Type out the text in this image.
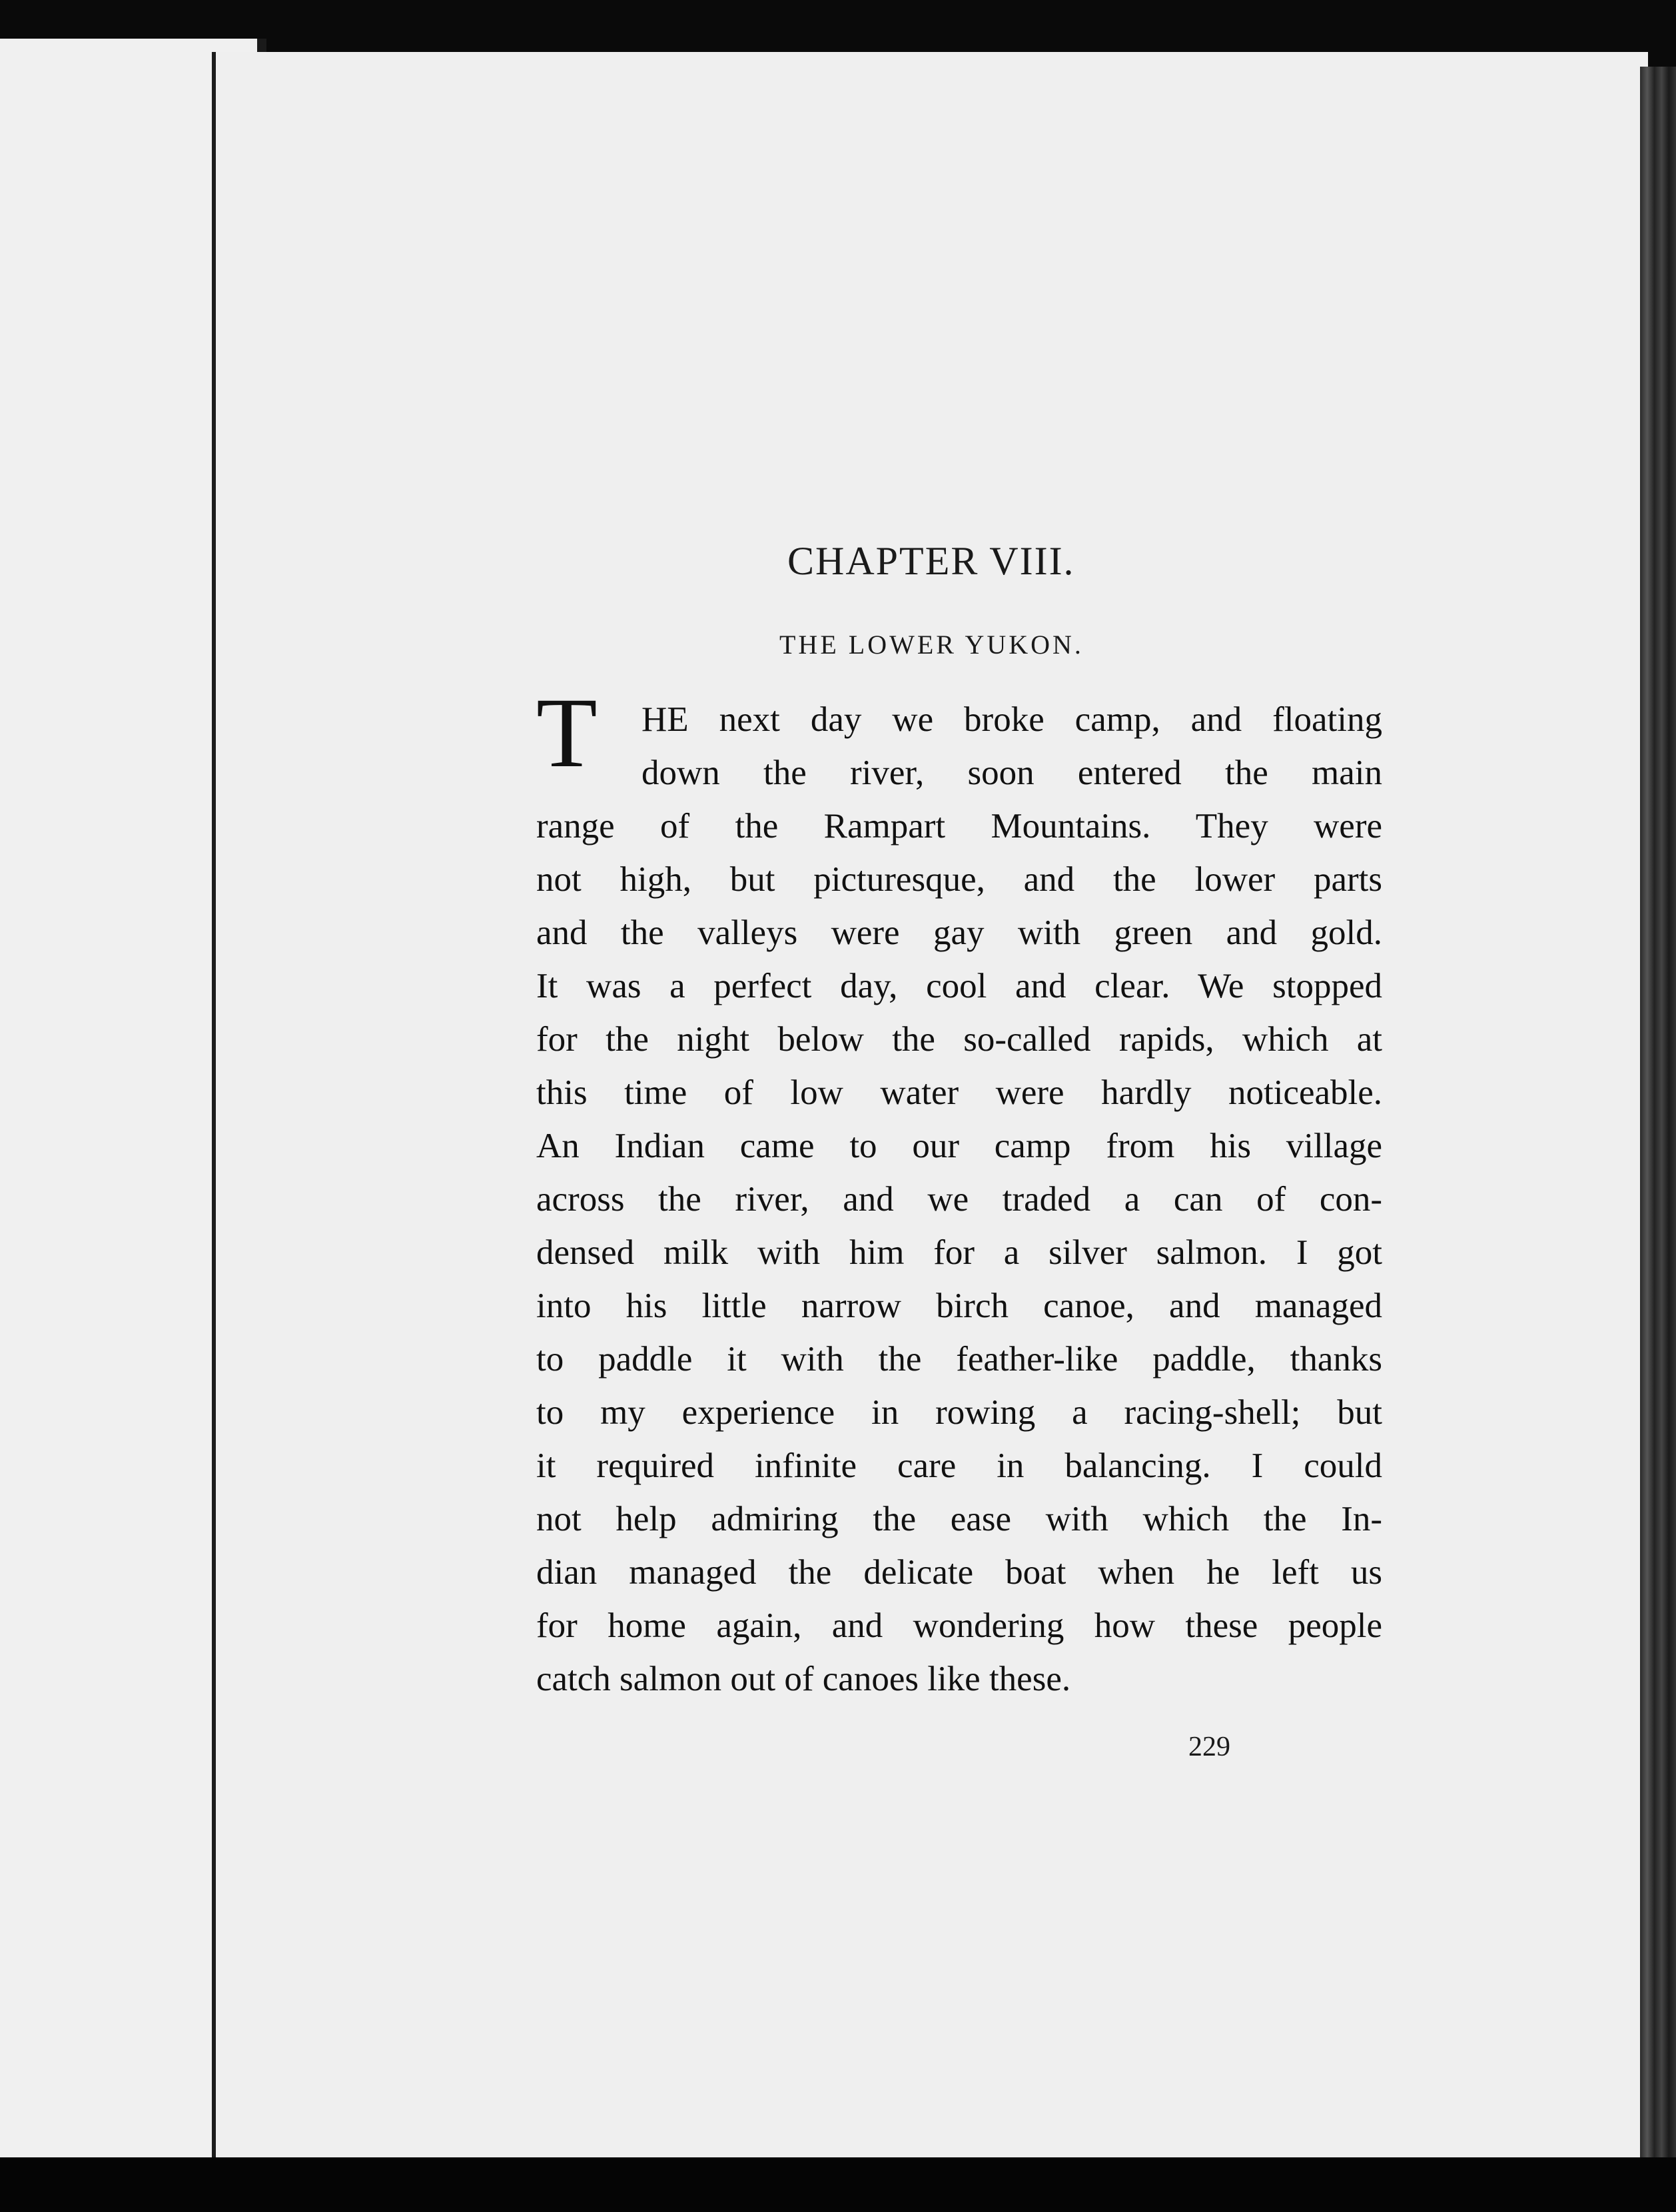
CHAPTER VIII.
THE LOWER YUKON.
T	HE next day we broke camp, and floating
down the river, soon entered the main
range of the Rampart Mountains. They were
not high, but picturesque, and the lower parts
and the valleys were gay with green and gold.
It was a perfect day, cool and clear. We stopped
for the night below the so-called rapids, which at
this time of low water were hardly noticeable.
An Indian came to our camp from his village
across the river, and we traded a can of con-
densed milk with him for a silver salmon. I got
into his little narrow birch canoe, and managed
to paddle it with the feather-like paddle, thanks
to my experience in rowing a racing-shell; but
it required infinite care in balancing. I could
not help admiring the ease with which the In-
dian managed the delicate boat when he left us
for home again, and wondering how these people
catch salmon out of canoes like these.
229
